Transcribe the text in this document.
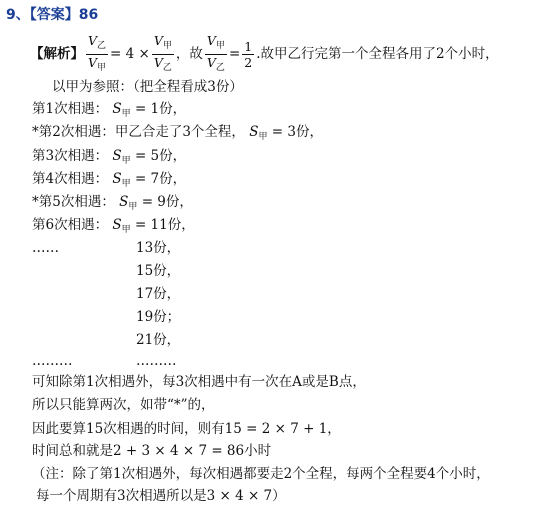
9、【答案】86
【解析】 $\frac{V_乙}{V_甲} = 4 \times \frac{V_甲}{V_乙}$ ，故 $\frac{V_甲}{V_乙} = \frac{1}{2}$ .故甲乙行完第一个全程各用了2个小时，
以甲为参照：（把全程看成3份）
第1次相遇： $S_甲 = 1$份，
*第2次相遇：甲乙合走了3个全程， $S_甲 = 3$份，
第3次相遇： $S_甲 = 5$份，
第4次相遇： $S_甲 = 7$份，
*第5次相遇： $S_甲 = 9$份，
第6次相遇： $S_甲 = 11$份，
……	13份，
15份，
17份，
19份；
21份，
………	………
可知除第1次相遇外，每3次相遇中有一次在A或是B点，
所以只能算两次，如带“*”的，
因此要算15次相遇的时间，则有15 = 2 × 7 + 1，
时间总和就是2 + 3 × 4 × 7 = 86小时
（注：除了第1次相遇外，每次相遇都要走2个全程，每两个全程要4个小时，
每一个周期有3次相遇所以是3 × 4 × 7）
